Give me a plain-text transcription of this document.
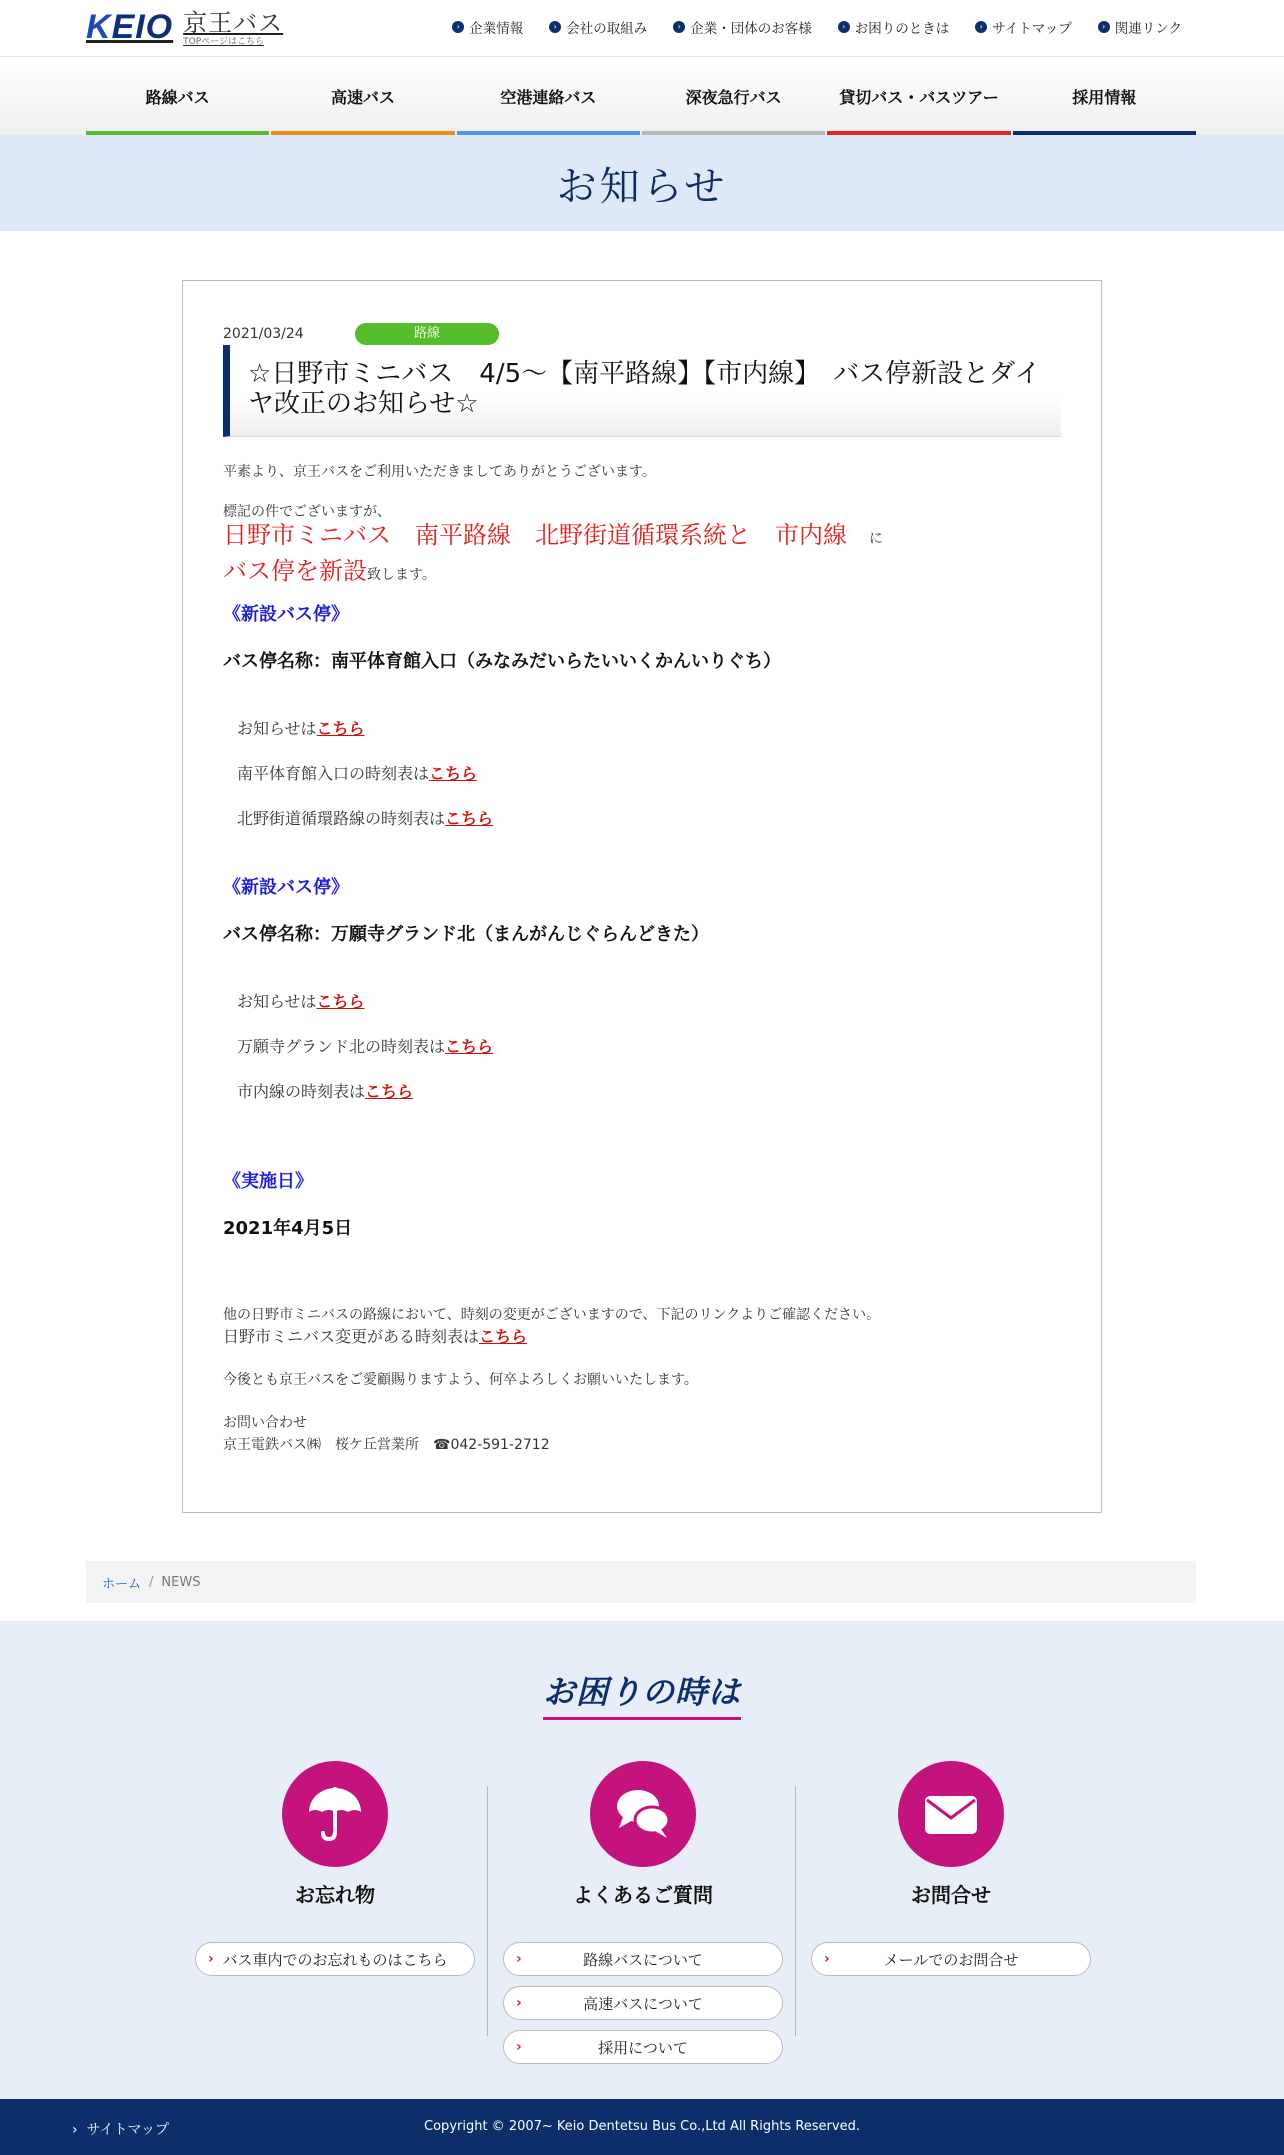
KEIO 京王バス
TOPページはこちら
› 企業情報	› 会社の取組み	› 企業・団体のお客様	› お困りのときは	› サイトマップ	› 関連リンク
路線バス	高速バス	空港連絡バス	深夜急行バス	貸切バス・バスツアー	採用情報
お知らせ
2021/03/24	路線
☆日野市ミニバス　4/5〜【南平路線】【市内線】　バス停新設とダイヤ改正のお知らせ☆
平素より、京王バスをご利用いただきましてありがとうございます。
標記の件でございますが、
日野市ミニバス　南平路線　北野街道循環系統と　市内線 に
バス停を新設致します。
《新設バス停》
バス停名称：南平体育館入口（みなみだいらたいいくかんいりぐち）
お知らせはこちら
南平体育館入口の時刻表はこちら
北野街道循環路線の時刻表はこちら
《新設バス停》
バス停名称：万願寺グランド北（まんがんじぐらんどきた）
お知らせはこちら
万願寺グランド北の時刻表はこちら
市内線の時刻表はこちら
《実施日》
2021年4月5日
他の日野市ミニバスの路線において、時刻の変更がございますので、下記のリンクよりご確認ください。
日野市ミニバス変更がある時刻表はこちら
今後とも京王バスをご愛顧賜りますよう、何卒よろしくお願いいたします。
お問い合わせ
京王電鉄バス㈱　桜ケ丘営業所　☎042-591-2712
ホーム / NEWS
お困りの時は
お忘れ物
› バス車内でのお忘れものはこちら
よくあるご質問
›	路線バスについて
›	高速バスについて
›	採用について
お問合せ
›	メールでのお問合せ
›  サイトマップ	Copyright © 2007~ Keio Dentetsu Bus Co.,Ltd All Rights Reserved.
